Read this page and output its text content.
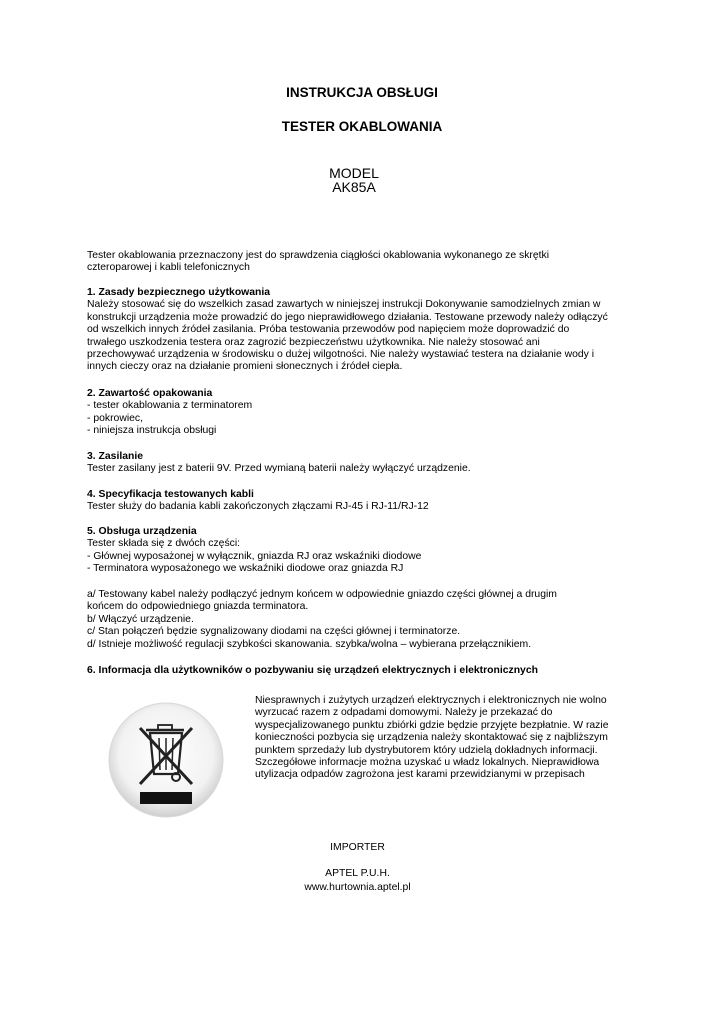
INSTRUKCJA OBSŁUGI
TESTER OKABLOWANIA
MODEL
AK85A
Tester okablowania przeznaczony jest do sprawdzenia ciągłości okablowania wykonanego ze skrętki
czteroparowej i kabli telefonicznych
1. Zasady bezpiecznego użytkowania
Należy stosować się do wszelkich zasad zawartych w niniejszej instrukcji Dokonywanie samodzielnych zmian w
konstrukcji urządzenia może prowadzić do jego nieprawidłowego działania. Testowane przewody należy odłączyć
od wszelkich innych źródeł zasilania. Próba testowania przewodów pod napięciem może doprowadzić do
trwałego uszkodzenia testera oraz zagrozić bezpieczeństwu użytkownika. Nie należy stosować ani
przechowywać urządzenia w środowisku o dużej wilgotności. Nie należy wystawiać testera na działanie wody i
innych cieczy oraz na działanie promieni słonecznych i źródeł ciepła.
2. Zawartość opakowania
- tester okablowania z terminatorem
- pokrowiec,
- niniejsza instrukcja obsługi
3. Zasilanie
Tester zasilany jest z baterii 9V. Przed wymianą baterii należy wyłączyć urządzenie.
4. Specyfikacja testowanych kabli
Tester służy do badania kabli zakończonych złączami RJ-45 i RJ-11/RJ-12
5. Obsługa urządzenia
Tester składa się z dwóch części:
- Głównej wyposażonej w wyłącznik, gniazda RJ oraz wskaźniki diodowe
- Terminatora wyposażonego we wskaźniki diodowe oraz gniazda RJ
a/ Testowany kabel należy podłączyć jednym końcem w odpowiednie gniazdo części głównej a drugim
końcem do odpowiedniego gniazda terminatora.
b/ Włączyć urządzenie.
c/ Stan połączeń będzie sygnalizowany diodami na części głównej i terminatorze.
d/ Istnieje możliwość regulacji szybkości skanowania. szybka/wolna – wybierana przełącznikiem.
6. Informacja dla użytkowników o pozbywaniu się urządzeń elektrycznych i elektronicznych
Niesprawnych i zużytych urządzeń elektrycznych i elektronicznych nie wolno
wyrzucać razem z odpadami domowymi. Należy je przekazać do
wyspecjalizowanego punktu zbiórki gdzie będzie przyjęte bezpłatnie. W razie
konieczności pozbycia się urządzenia należy skontaktować się z najbliższym
punktem sprzedaży lub dystrybutorem który udzielą dokładnych informacji.
Szczegółowe informacje można uzyskać u władz lokalnych. Nieprawidłowa
utylizacja odpadów zagrożona jest karami przewidzianymi w przepisach
IMPORTER
APTEL P.U.H.
www.hurtownia.aptel.pl
